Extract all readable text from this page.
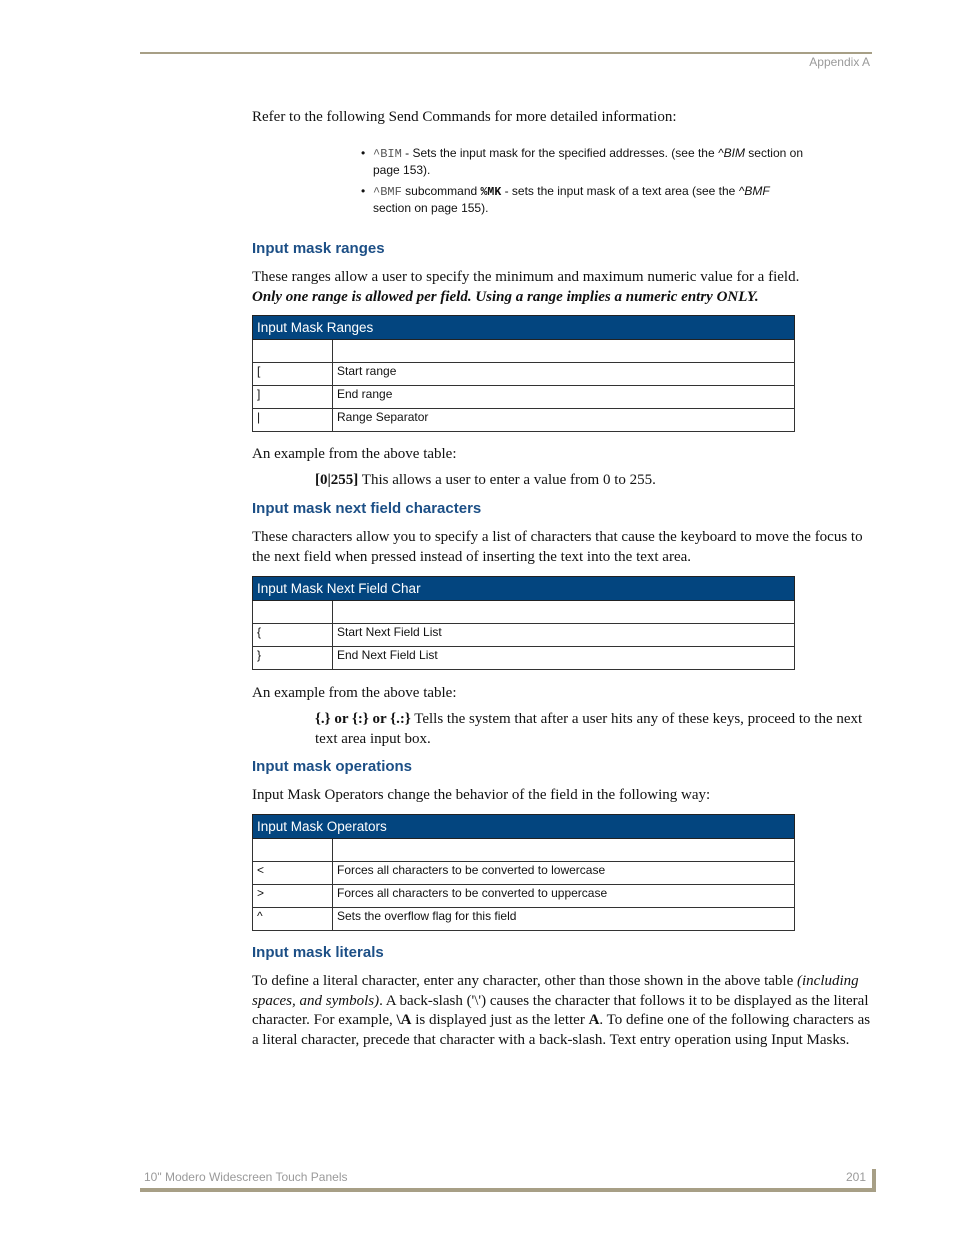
Appendix A

Refer to the following Send Commands for more detailed information:

• ^BIM - Sets the input mask for the specified addresses. (see the ^BIM section on page 153).
• ^BMF subcommand %MK - sets the input mask of a text area (see the ^BMF section on page 155).
Input mask ranges

These ranges allow a user to specify the minimum and maximum numeric value for a field.

Only one range is allowed per field. Using a range implies a numeric entry ONLY.

Input Mask Ranges	

[	Start range
]	End range
|	Range Separator

An example from the above table:

[0|255] This allows a user to enter a value from 0 to 255.
Input mask next field characters

These characters allow you to specify a list of characters that cause the keyboard to move the focus to the next field when pressed instead of inserting the text into the text area.

Input Mask Next Field Char	

{	Start Next Field List
}	End Next Field List

An example from the above table:

{.} or {:} or {.:} Tells the system that after a user hits any of these keys, proceed to the next text area input box.
Input mask operations

Input Mask Operators change the behavior of the field in the following way:

Input Mask Operators	

<	Forces all characters to be converted to lowercase
>	Forces all characters to be converted to uppercase
^	Sets the overflow flag for this field
Input mask literals

To define a literal character, enter any character, other than those shown in the above table (including spaces, and symbols). A back-slash ('\') causes the character that follows it to be displayed as the literal character. For example, \A is displayed just as the letter A. To define one of the following characters as a literal character, precede that character with a back-slash. Text entry operation using Input Masks.

10" Modero Widescreen Touch Panels	201
